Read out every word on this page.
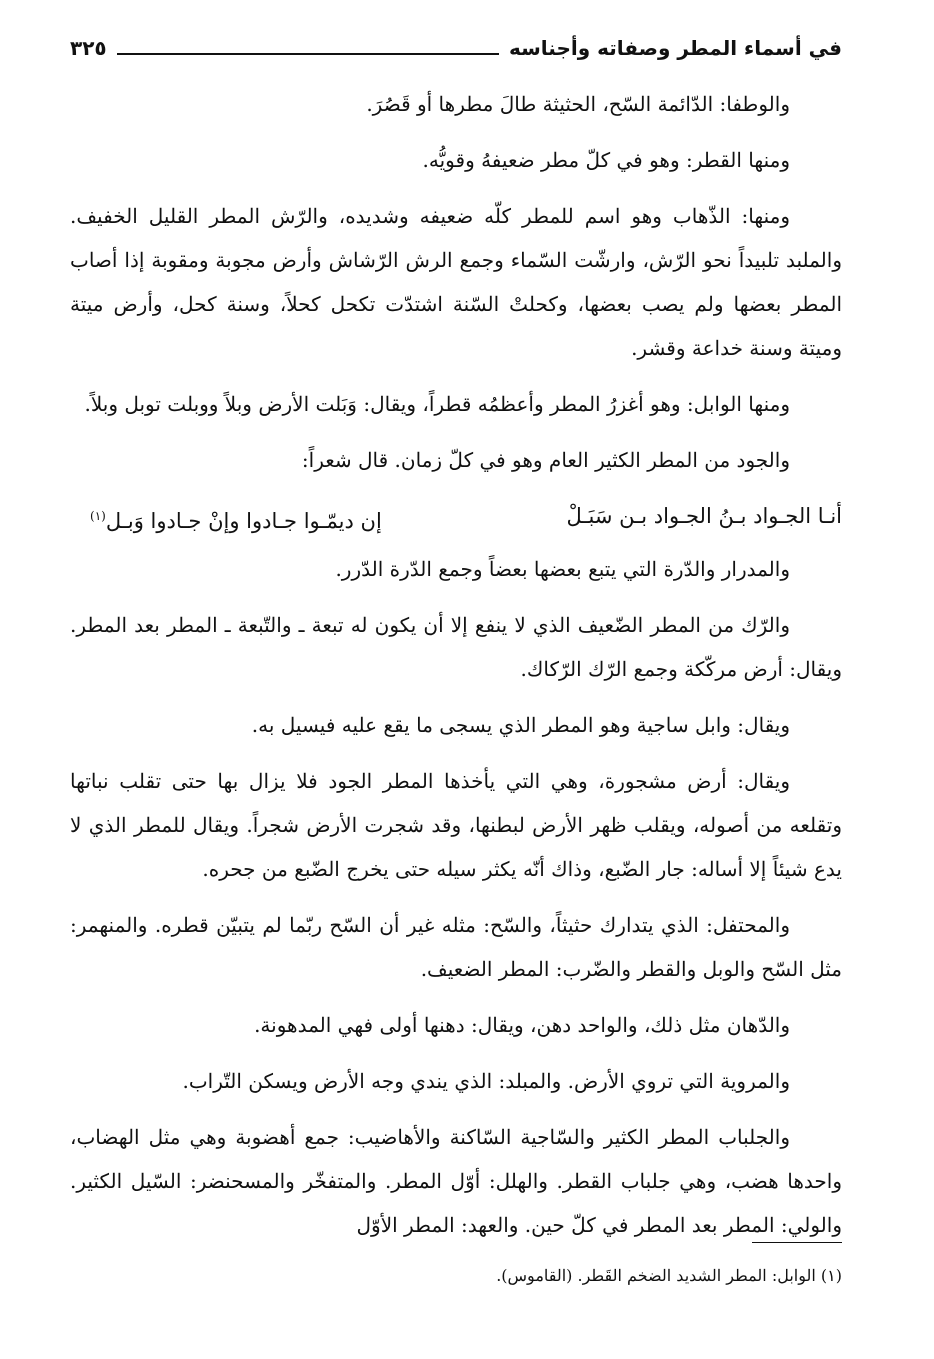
في أسماء المطر وصفاته وأجناسه
٣٢٥

والوطفا: الدّائمة السّح، الحثيثة طالَ مطرها أو قَصُرَ.

ومنها القطر: وهو في كلّ مطر ضعيفهُ وقويُّه.

ومنها: الذّهاب وهو اسم للمطر كلّه ضعيفه وشديده، والرّش المطر القليل الخفيف. والملبد تلبيداً نحو الرّش، وارشّت السّماء وجمع الرش الرّشاش وأرض مجوبة ومقوبة إذا أصاب المطر بعضها ولم يصب بعضها، وكحلتْ السّنة اشتدّت تكحل كحلاً، وسنة كحل، وأرض ميتة وميتة وسنة خداعة وقشر.

ومنها الوابل: وهو أغزرُ المطر وأعظمُه قطراً، ويقال: وَبَلت الأرض وبلاً ووبلت توبل وبلاً.

والجود من المطر الكثير العام وهو في كلّ زمان. قال شعراً:

أنـا الجـواد بـنُ الجـواد بـن سَبَـلْ
إن ديمّـوا جـادوا وإنْ جـادوا وَبـل$^{(١)}$

والمدرار والدّرة التي يتبع بعضها بعضاً وجمع الدّرة الدّرر.

والرّك من المطر الضّعيف الذي لا ينفع إلا أن يكون له تبعة ـ والتّبعة ـ المطر بعد المطر. ويقال: أرض مركّكة وجمع الرّك الرّكاك.

ويقال: وابل ساجية وهو المطر الذي يسجى ما يقع عليه فيسيل به.

ويقال: أرض مشجورة، وهي التي يأخذها المطر الجود فلا يزال بها حتى تقلب نباتها وتقلعه من أصوله، ويقلب ظهر الأرض لبطنها، وقد شجرت الأرض شجراً. ويقال للمطر الذي لا يدع شيئاً إلا أساله: جار الضّبع، وذاك أنّه يكثر سيله حتى يخرج الضّبع من جحره.

والمحتفل: الذي يتدارك حثيثاً، والسّح: مثله غير أن السّح ربّما لم يتبيّن قطره. والمنهمر: مثل السّح والوبل والقطر والضّرب: المطر الضعيف.

والدّهان مثل ذلك، والواحد دهن، ويقال: دهنها أولى فهي المدهونة.

والمروية التي تروي الأرض. والمبلد: الذي يندي وجه الأرض ويسكن التّراب.

والجلباب المطر الكثير والسّاجية السّاكنة والأهاضيب: جمع أهضوبة وهي مثل الهضاب، واحدها هضب، وهي جلباب القطر. والهلل: أوّل المطر. والمتفخّر والمسحنضر: السّيل الكثير. والولي: المطر بعد المطر في كلّ حين. والعهد: المطر الأوّل

(١) الوابل: المطر الشديد الضخم القَطر. (القاموس).
